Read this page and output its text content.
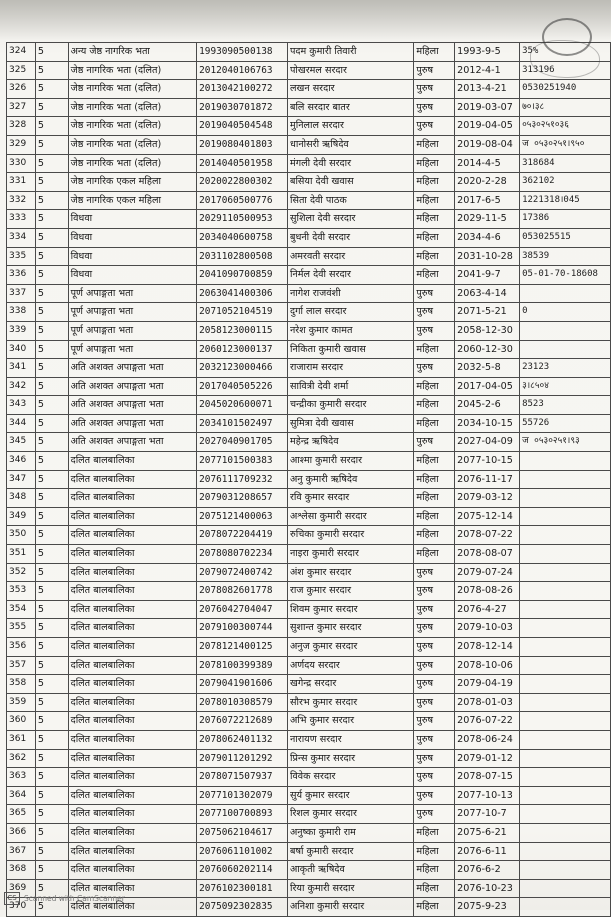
324	5	अन्य जेष्ठ नागरिक भता	1993090500138	पदम कुमारी तिवारी	महिला	1993-9-5	35%
325	5	जेष्ठ नागरिक भता (दलित)	2012040106763	पोखरमल सरदार	पुरुष	2012-4-1	313196
326	5	जेष्ठ नागरिक भता (दलित)	2013042100272	लखन सरदार	पुरुष	2013-4-21	0530251940
327	5	जेष्ठ नागरिक भता (दलित)	2019030701872	बलि सरदार बातर	पुरुष	2019-03-07	७०।३८
328	5	जेष्ठ नागरिक भता (दलित)	2019040504548	मुनिलाल सरदार	पुरुष	2019-04-05	०५३०२५१०३६
329	5	जेष्ठ नागरिक भता (दलित)	2019080401803	धानोसरी ऋषिदेव	महिला	2019-08-04	ज ०५३०२५१।९५०
330	5	जेष्ठ नागरिक भता (दलित)	2014040501958	मंगली देवी सरदार	महिला	2014-4-5	318684
331	5	जेष्ठ नागरिक एकल महिला	2020022800302	बसिया देवी खवास	महिला	2020-2-28	362102
332	5	जेष्ठ नागरिक एकल महिला	2017060500776	सिता देवी पाठक	महिला	2017-6-5	1221318।045
333	5	विधवा	2029110500953	सुशिला देवी सरदार	महिला	2029-11-5	17386
334	5	विधवा	2034040600758	बुधनी देवी सरदार	महिला	2034-4-6	053025515
335	5	विधवा	2031102800508	अमरवती सरदार	महिला	2031-10-28	38539
336	5	विधवा	2041090700859	निर्मल देवी सरदार	महिला	2041-9-7	05-01-70-18608
337	5	पूर्ण अपाङ्गता भता	2063041400306	नागेश राजवंशी	पुरुष	2063-4-14	
338	5	पूर्ण अपाङ्गता भता	2071052104519	दुर्गा लाल सरदार	पुरुष	2071-5-21	0
339	5	पूर्ण अपाङ्गता भता	2058123000115	नरेश कुमार कामत	पुरुष	2058-12-30	
340	5	पूर्ण अपाङ्गता भता	2060123000137	निकिता कुमारी खवास	महिला	2060-12-30	
341	5	अति अशक्त अपाङ्गता भता	2032123000466	राजाराम सरदार	पुरुष	2032-5-8	23123
342	5	अति अशक्त अपाङ्गता भता	2017040505226	सावित्री देवी शर्मा	महिला	2017-04-05	३।८५०४
343	5	अति अशक्त अपाङ्गता भता	2045020600071	चन्द्रीका कुमारी सरदार	महिला	2045-2-6	8523
344	5	अति अशक्त अपाङ्गता भता	2034101502497	सुमित्रा देवी खवास	महिला	2034-10-15	55726
345	5	अति अशक्त अपाङ्गता भता	2027040901705	महेन्द्र ऋषिदेव	पुरुष	2027-04-09	ज ०५३०२५१।९३
346	5	दलित बालबालिका	2077101500383	आश्मा कुमारी सरदार	महिला	2077-10-15	
347	5	दलित बालबालिका	2076111709232	अनु कुमारी ऋषिदेव	महिला	2076-11-17	
348	5	दलित बालबालिका	2079031208657	रवि कुमार सरदार	महिला	2079-03-12	
349	5	दलित बालबालिका	2075121400063	अश्लेसा कुमारी सरदार	महिला	2075-12-14	
350	5	दलित बालबालिका	2078072204419	रुचिका कुमारी सरदार	महिला	2078-07-22	
351	5	दलित बालबालिका	2078080702234	नाइरा कुमारी सरदार	महिला	2078-08-07	
352	5	दलित बालबालिका	2079072400742	अंश कुमार सरदार	पुरुष	2079-07-24	
353	5	दलित बालबालिका	2078082601778	राज कुमार सरदार	पुरुष	2078-08-26	
354	5	दलित बालबालिका	2076042704047	शिवम कुमार सरदार	पुरुष	2076-4-27	
355	5	दलित बालबालिका	2079100300744	सुशान्त कुमार सरदार	पुरुष	2079-10-03	
356	5	दलित बालबालिका	2078121400125	अनुज कुमार सरदार	पुरुष	2078-12-14	
357	5	दलित बालबालिका	2078100399389	अर्णदय सरदार	पुरुष	2078-10-06	
358	5	दलित बालबालिका	2079041901606	खगेन्द्र सरदार	पुरुष	2079-04-19	
359	5	दलित बालबालिका	2078010308579	सौरभ कुमार सरदार	पुरुष	2078-01-03	
360	5	दलित बालबालिका	2076072212689	अभि कुमार सरदार	पुरुष	2076-07-22	
361	5	दलित बालबालिका	2078062401132	नारायण सरदार	पुरुष	2078-06-24	
362	5	दलित बालबालिका	2079011201292	प्रिन्स कुमार सरदार	पुरुष	2079-01-12	
363	5	दलित बालबालिका	2078071507937	विवेक सरदार	पुरुष	2078-07-15	
364	5	दलित बालबालिका	2077101302079	सुर्य कुमार सरदार	पुरुष	2077-10-13	
365	5	दलित बालबालिका	2077100700893	रिशल कुमार सरदार	पुरुष	2077-10-7	
366	5	दलित बालबालिका	2075062104617	अनुष्का कुमारी राम	महिला	2075-6-21	
367	5	दलित बालबालिका	2076061101002	बर्षा कुमारी सरदार	महिला	2076-6-11	
368	5	दलित बालबालिका	2076060202114	आकृती ऋषिदेव	महिला	2076-6-2	
369	5	दलित बालबालिका	2076102300181	रिया कुमारी सरदार	महिला	2076-10-23	
370	5	दलित बालबालिका	2075092302835	अनिशा कुमारी सरदार	महिला	2075-9-23	
CS Scanned with CamScanner
